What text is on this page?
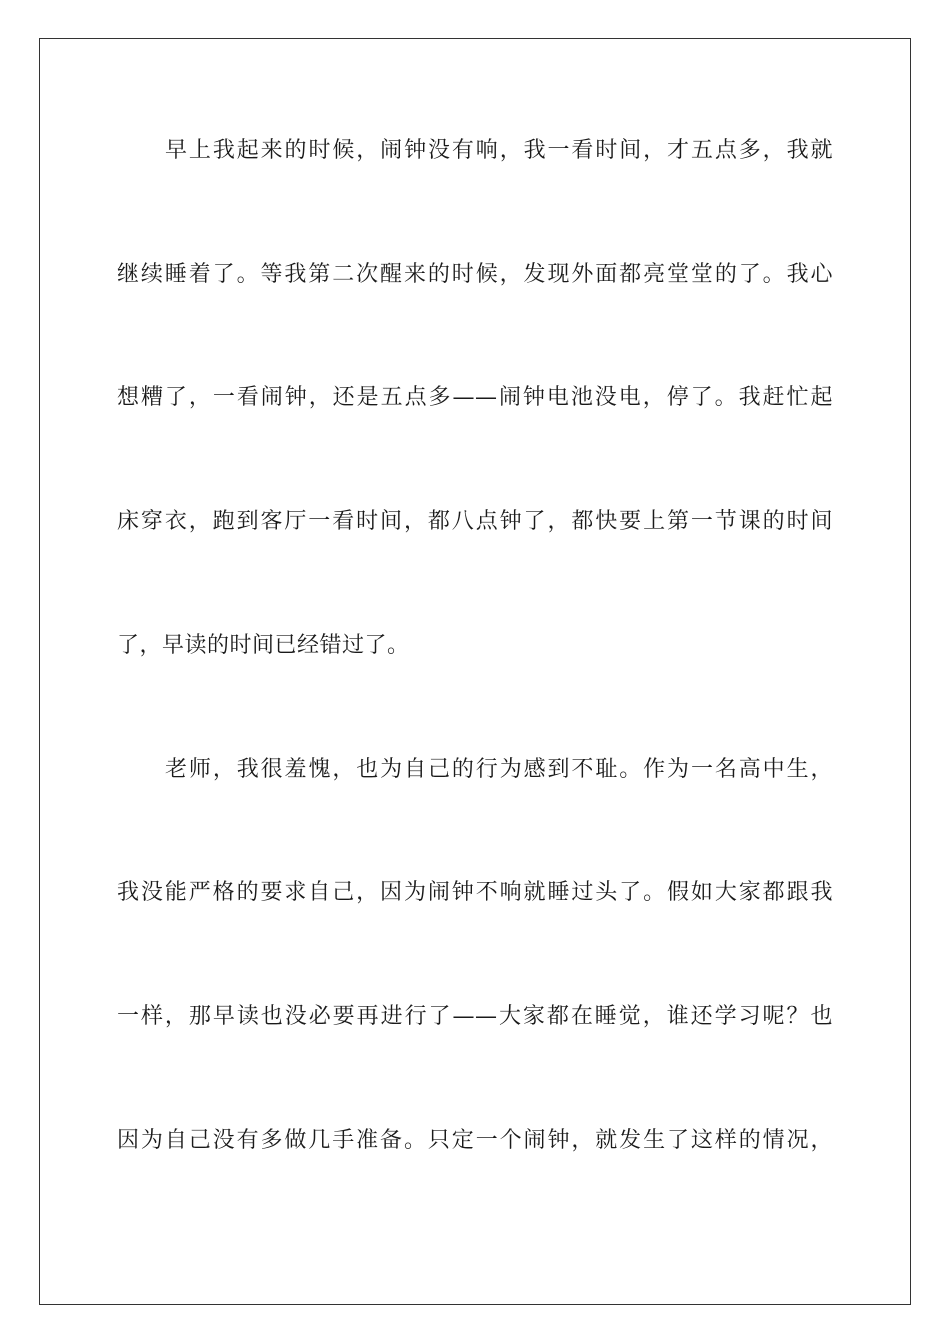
早上我起来的时候，闹钟没有响，我一看时间，才五点多，我就
继续睡着了。等我第二次醒来的时候，发现外面都亮堂堂的了。我心
想糟了，一看闹钟，还是五点多——闹钟电池没电，停了。我赶忙起
床穿衣，跑到客厅一看时间，都八点钟了，都快要上第一节课的时间
了，早读的时间已经错过了。
老师，我很羞愧，也为自己的行为感到不耻。作为一名高中生，
我没能严格的要求自己，因为闹钟不响就睡过头了。假如大家都跟我
一样，那早读也没必要再进行了——大家都在睡觉，谁还学习呢？也
因为自己没有多做几手准备。只定一个闹钟，就发生了这样的情况，
